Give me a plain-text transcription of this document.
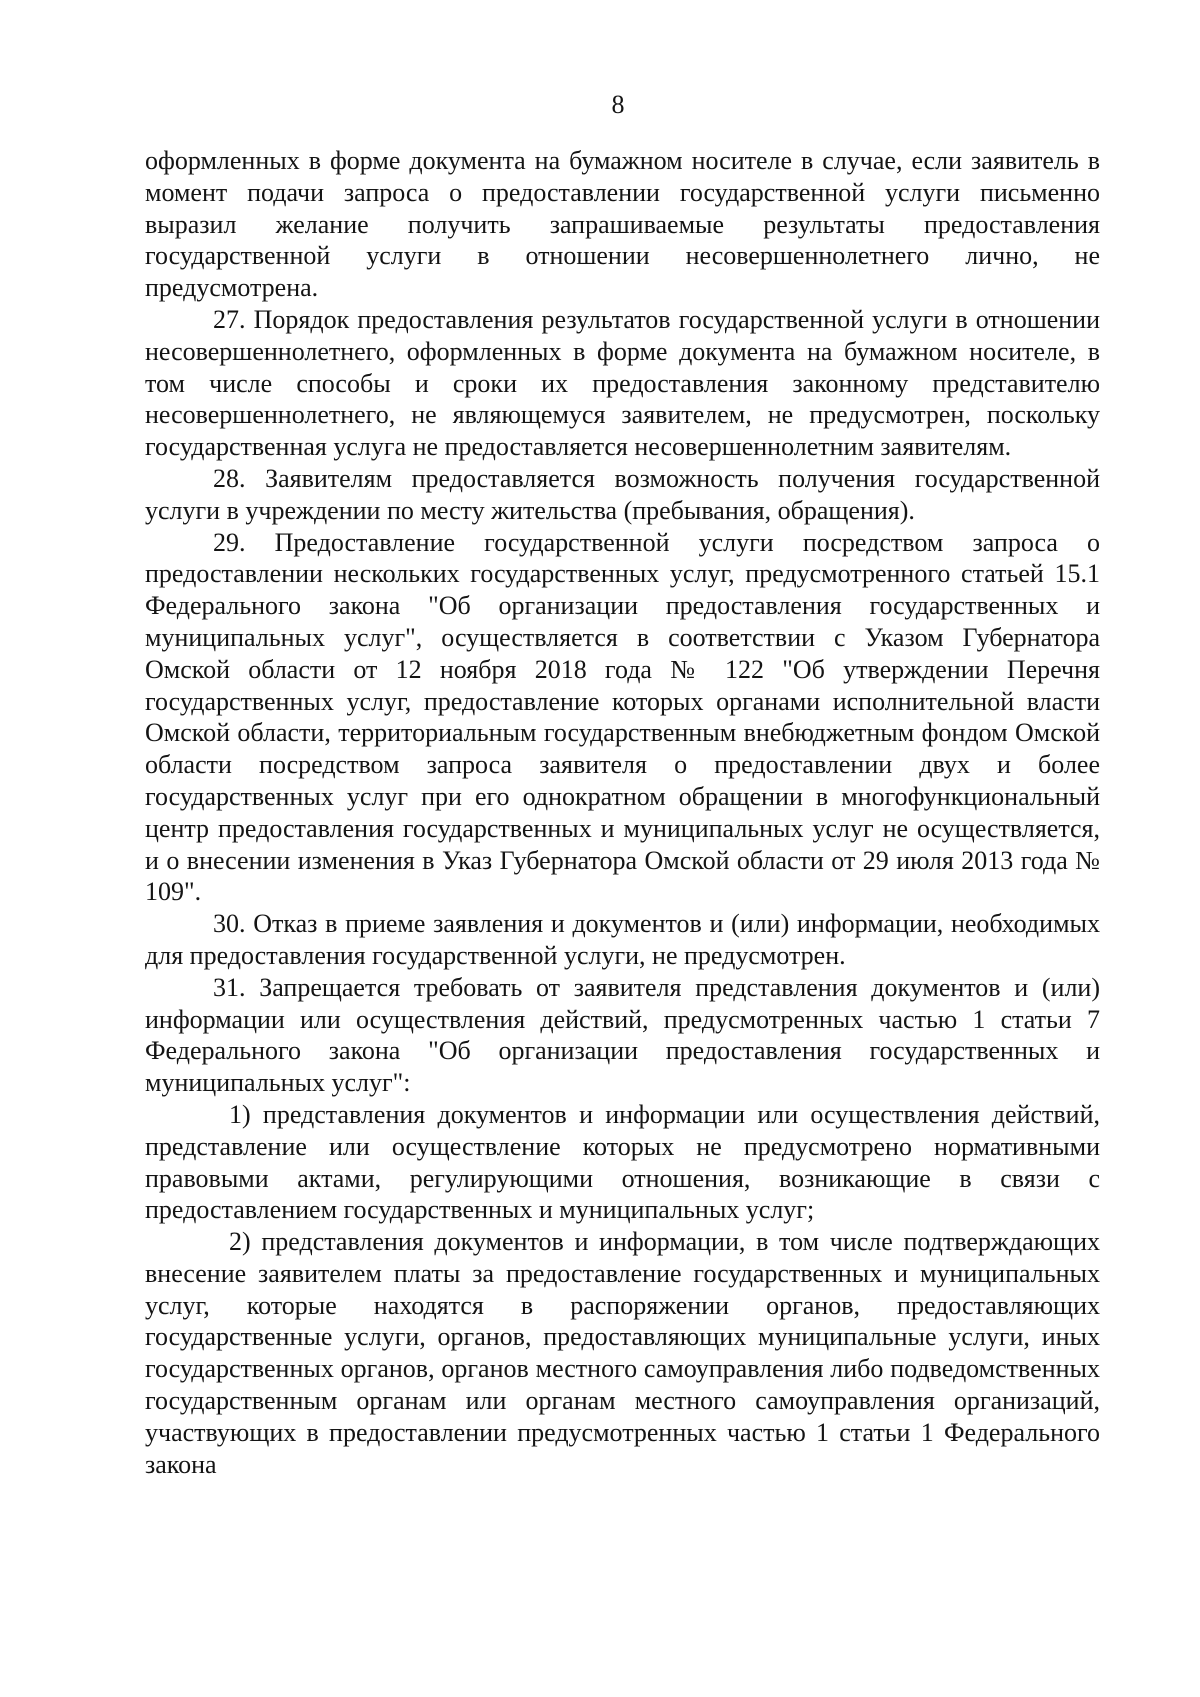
8

оформленных в форме документа на бумажном носителе в случае, если заявитель в момент подачи запроса о предоставлении государственной услуги письменно выразил желание получить запрашиваемые результаты предоставления государственной услуги в отношении несовершеннолетнего лично, не предусмотрена.

27. Порядок предоставления результатов государственной услуги в отношении несовершеннолетнего, оформленных в форме документа на бумажном носителе, в том числе способы и сроки их предоставления законному представителю несовершеннолетнего, не являющемуся заявителем, не предусмотрен, поскольку государственная услуга не предоставляется несовершеннолетним заявителям.

28. Заявителям предоставляется возможность получения государственной услуги в учреждении по месту жительства (пребывания, обращения).

29. Предоставление государственной услуги посредством запроса о предоставлении нескольких государственных услуг, предусмотренного статьей 15.1 Федерального закона "Об организации предоставления государственных и муниципальных услуг", осуществляется в соответствии с Указом Губернатора Омской области от 12 ноября 2018 года № 122 "Об утверждении Перечня государственных услуг, предоставление которых органами исполнительной власти Омской области, территориальным государственным внебюджетным фондом Омской области посредством запроса заявителя о предоставлении двух и более государственных услуг при его однократном обращении в многофункциональный центр предоставления государственных и муниципальных услуг не осуществляется, и о внесении изменения в Указ Губернатора Омской области от 29 июля 2013 года № 109".

30. Отказ в приеме заявления и документов и (или) информации, необходимых для предоставления государственной услуги, не предусмотрен.

31. Запрещается требовать от заявителя представления документов и (или) информации или осуществления действий, предусмотренных частью 1 статьи 7 Федерального закона "Об организации предоставления государственных и муниципальных услуг":

1) представления документов и информации или осуществления действий, представление или осуществление которых не предусмотрено нормативными правовыми актами, регулирующими отношения, возникающие в связи с предоставлением государственных и муниципальных услуг;

2) представления документов и информации, в том числе подтверждающих внесение заявителем платы за предоставление государственных и муниципальных услуг, которые находятся в распоряжении органов, предоставляющих государственные услуги, органов, предоставляющих муниципальные услуги, иных государственных органов, органов местного самоуправления либо подведомственных государственным органам или органам местного самоуправления организаций, участвующих в предоставлении предусмотренных частью 1 статьи 1 Федерального закона
